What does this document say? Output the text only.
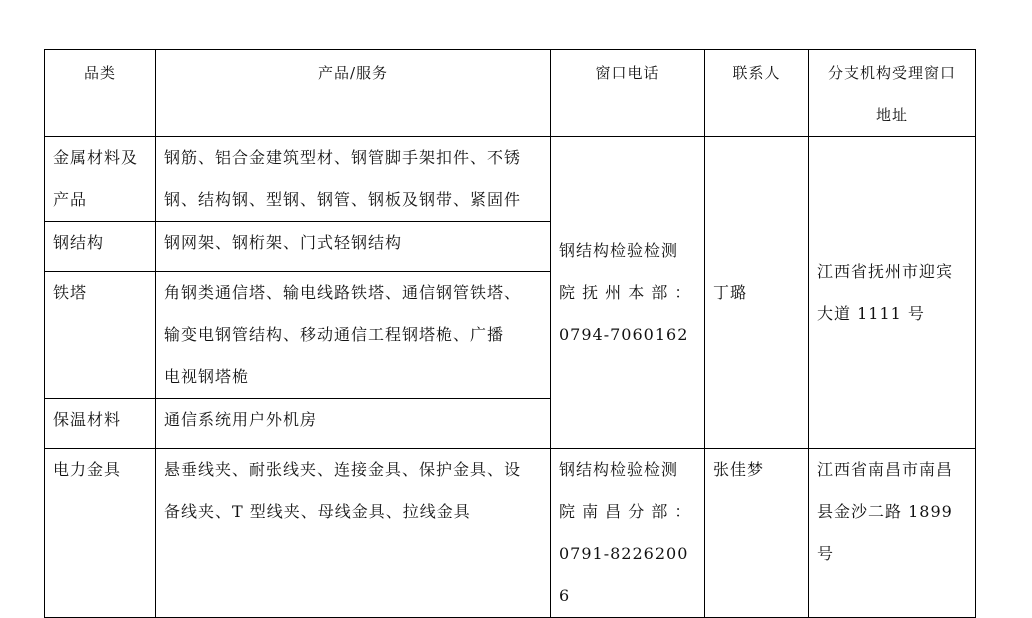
品类	产品/服务	窗口电话	联系人	分支机构受理窗口
地址

金属材料及
产品	钢筋、铝合金建筑型材、钢管脚手架扣件、不锈
钢、结构钢、型钢、钢管、钢板及钢带、紧固件	钢结构检验检测
院 抚 州 本 部 ：
0794-7060162	丁璐	江西省抚州市迎宾
大道 1111 号

钢结构	钢网架、钢桁架、门式轻钢结构			

铁塔	角钢类通信塔、输电线路铁塔、通信钢管铁塔、
输变电钢管结构、移动通信工程钢塔桅、广播
电视钢塔桅			

保温材料	通信系统用户外机房			

电力金具	悬垂线夹、耐张线夹、连接金具、保护金具、设
备线夹、T 型线夹、母线金具、拉线金具	钢结构检验检测
院 南 昌 分 部 ：
0791-82262006	张佳梦	江西省南昌市南昌
县金沙二路 1899
号
